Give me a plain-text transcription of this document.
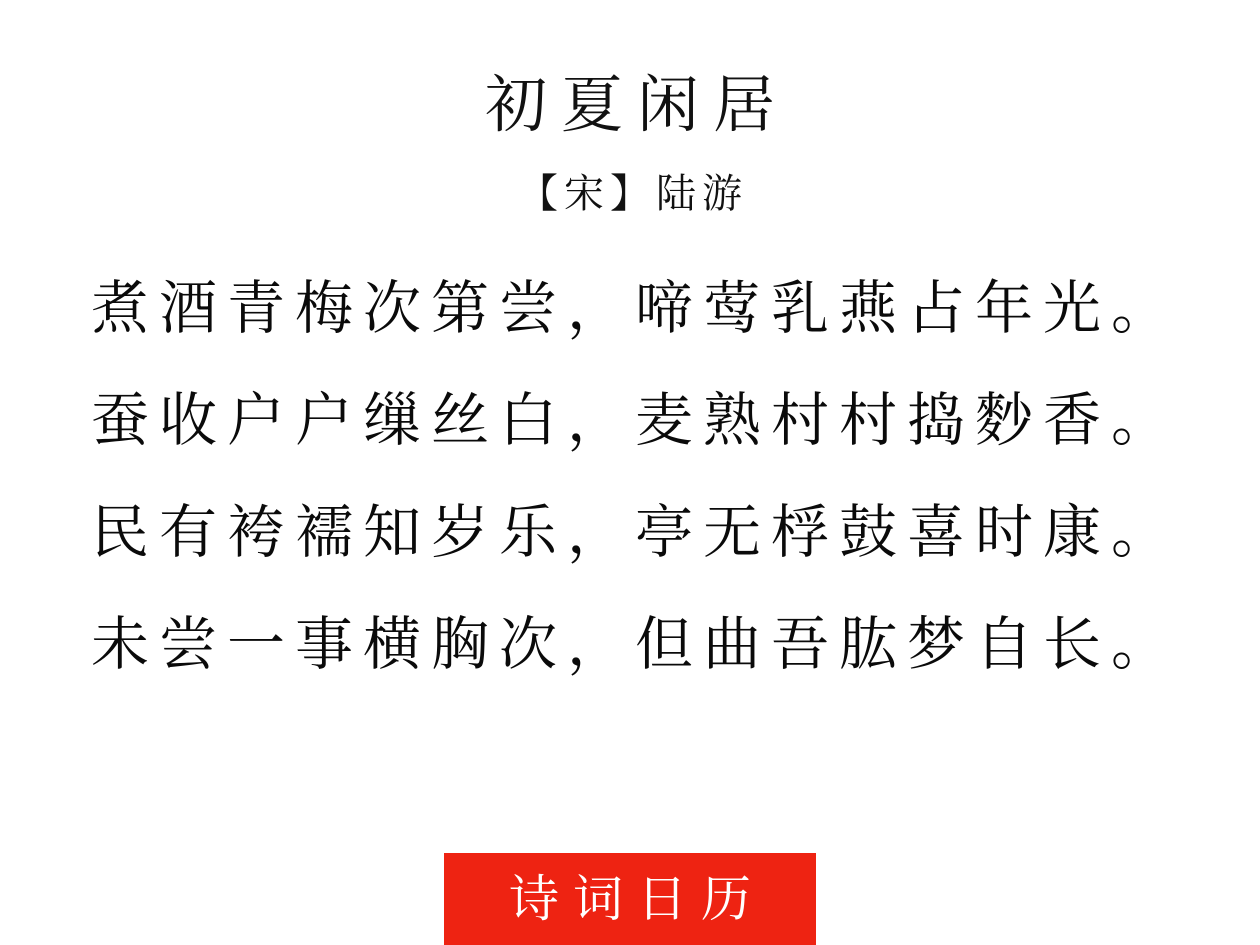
初夏闲居
【宋】陆游
煮酒青梅次第尝，啼莺乳燕占年光。
蚕收户户缫丝白，麦熟村村捣麨香。
民有袴襦知岁乐，亭无桴鼓喜时康。
未尝一事横胸次，但曲吾肱梦自长。
诗词日历
